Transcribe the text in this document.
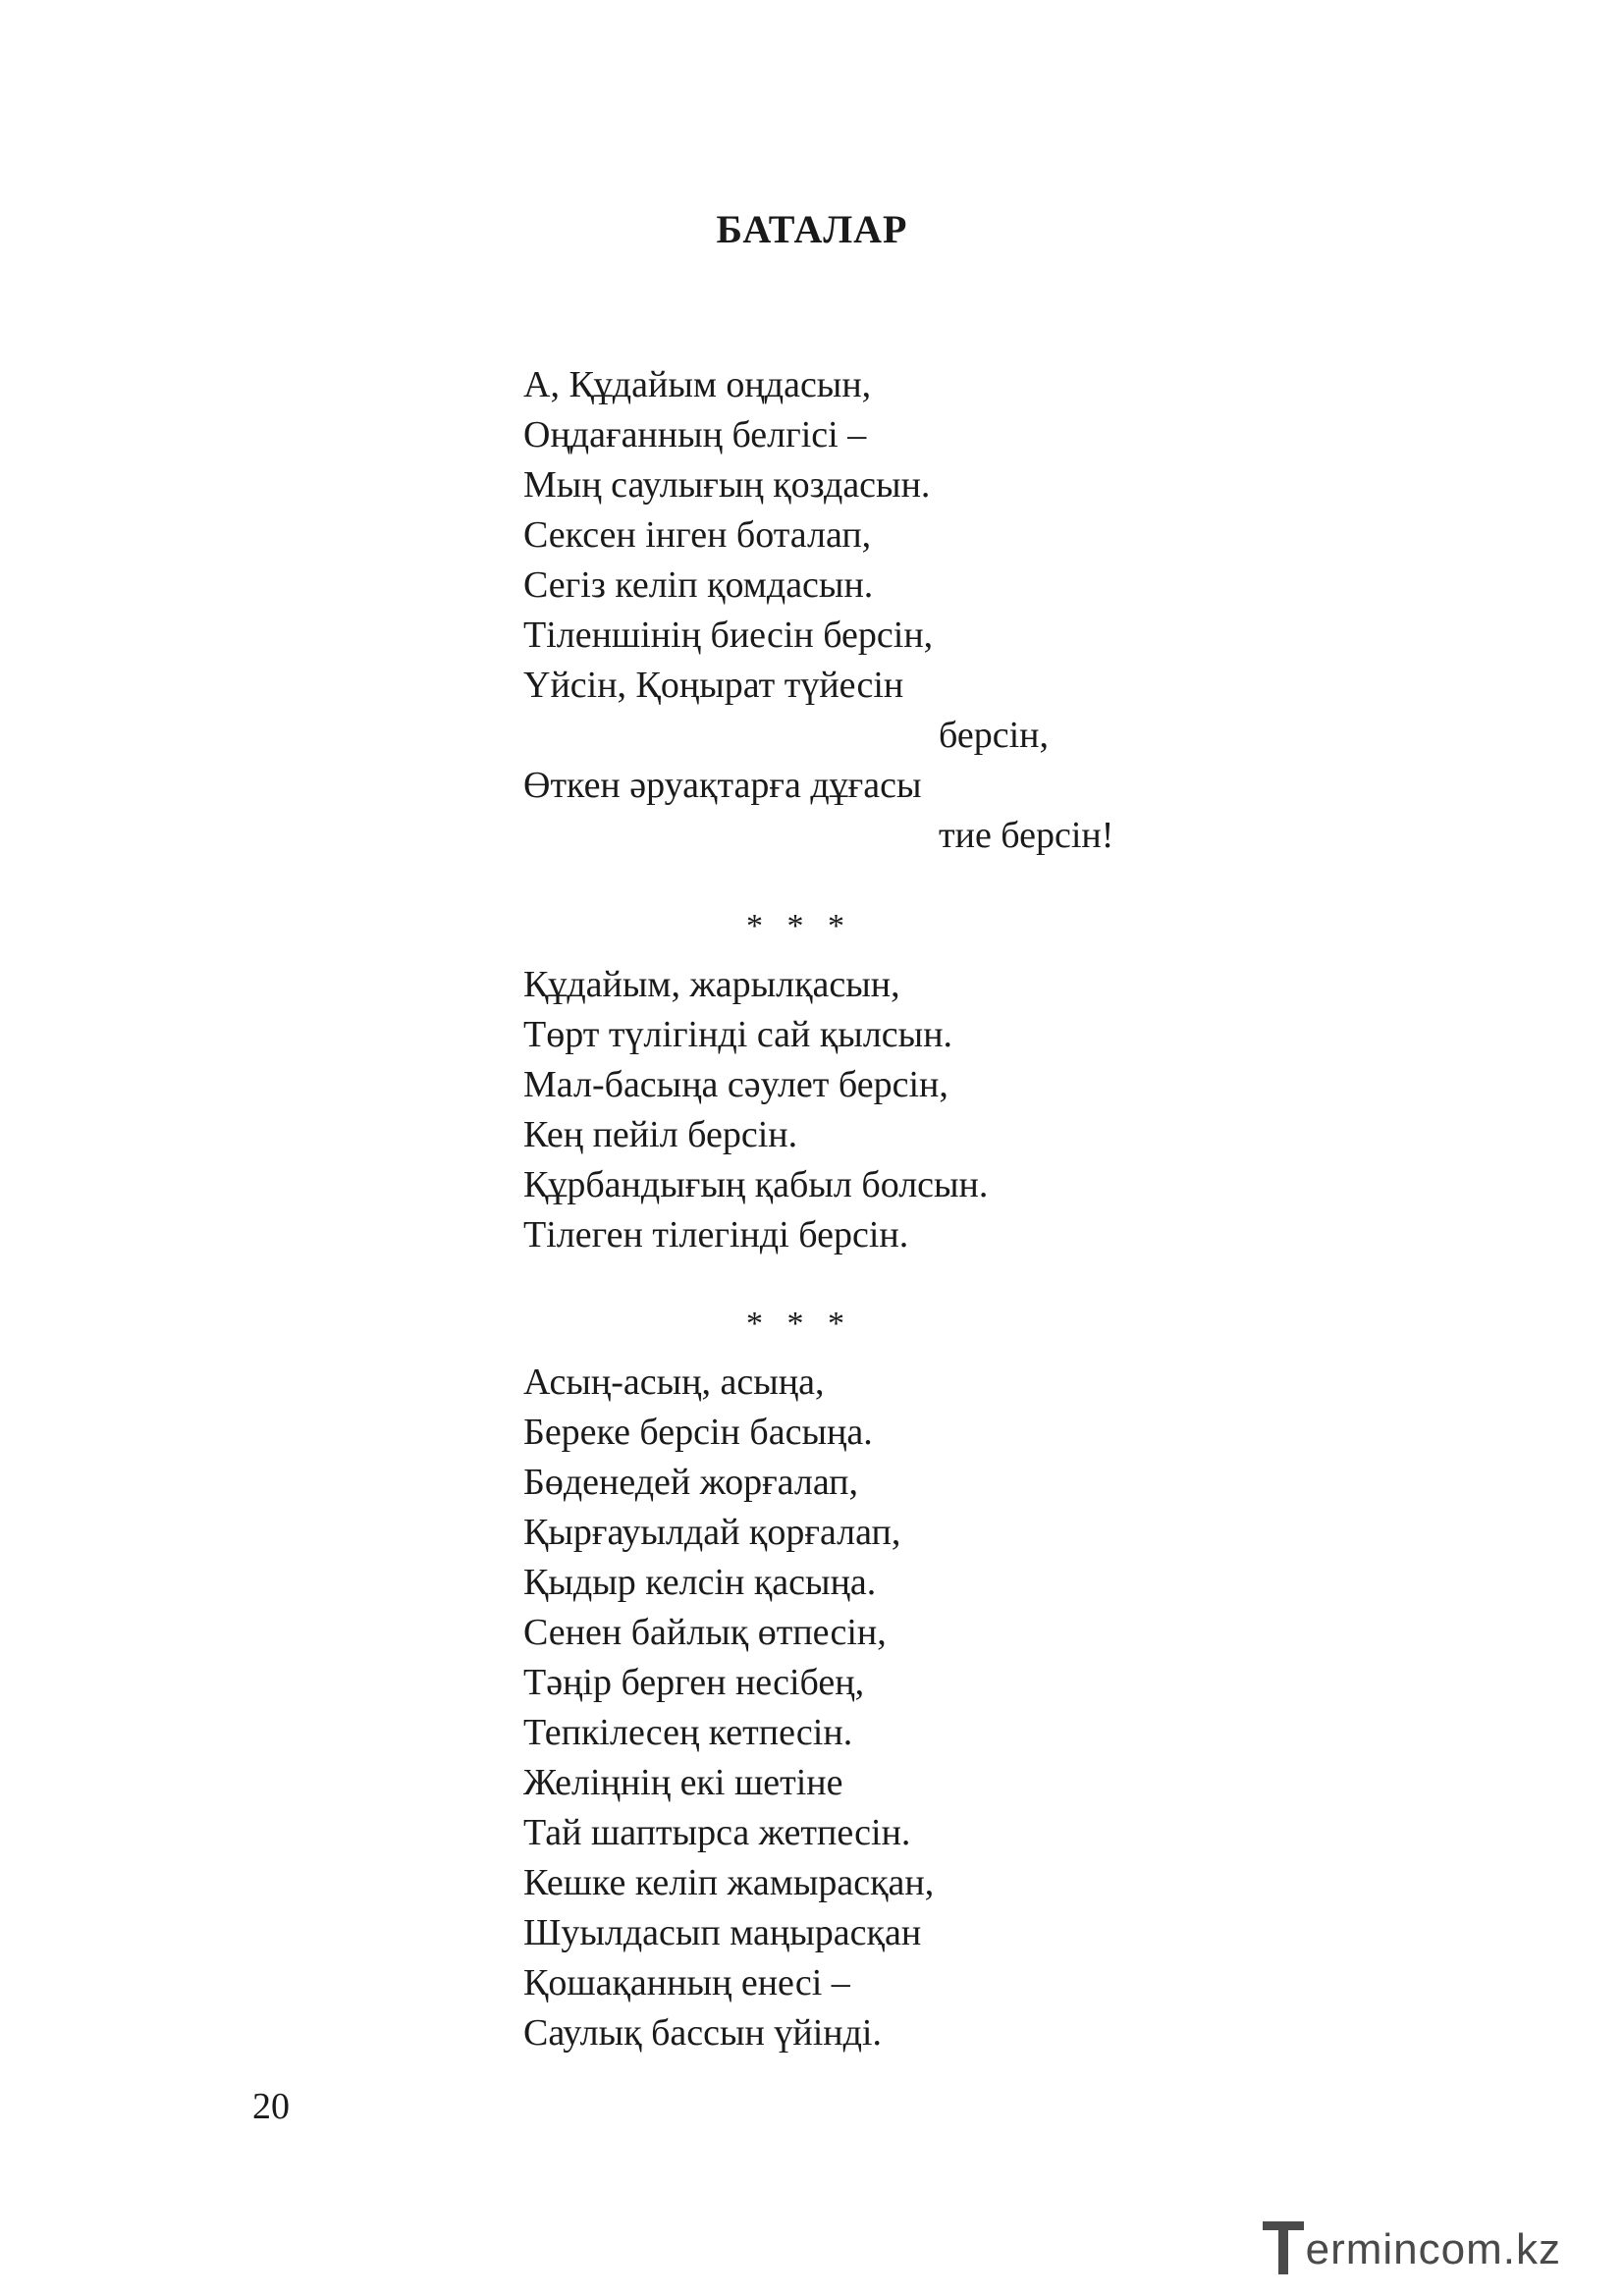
БАТАЛАР
А, Құдайым оңдасын,
Оңдағанның белгісі –
Мың саулығың қоздасын.
Сексен інген боталап,
Сегіз келіп қомдасын.
Тіленшінің биесін берсін,
Үйсін, Қоңырат түйесін
берсін,
Өткен әруақтарға дұғасы
тие берсін!
* * *
Құдайым, жарылқасын,
Төрт түлігінді сай қылсын.
Мал-басыңа сәулет берсін,
Кең пейіл берсін.
Құрбандығың қабыл болсын.
Тілеген тілегінді берсін.
* * *
Асың-асың, асыңа,
Береке берсін басыңа.
Бөденедей жорғалап,
Қырғауылдай қорғалап,
Қыдыр келсін қасыңа.
Сенен байлық өтпесін,
Тәңір берген несібең,
Тепкілесең кетпесін.
Желіңнің екі шетіне
Тай шаптырса жетпесін.
Кешке келіп жамырасқан,
Шуылдасып маңырасқан
Қошақанның енесі –
Саулық бассын үйінді.

20

ermincom.kz
